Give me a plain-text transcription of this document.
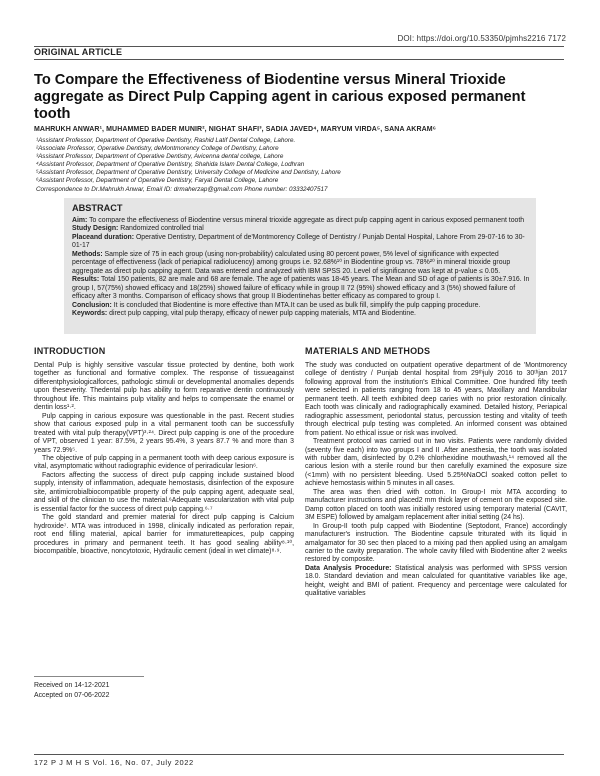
DOI: https://doi.org/10.53350/pjmhs2216 7172
ORIGINAL ARTICLE
To Compare the Effectiveness of Biodentine versus Mineral Trioxide aggregate as Direct Pulp Capping agent in carious exposed permanent tooth
MAHRUKH ANWAR¹, MUHAMMED BADER MUNIR², NIGHAT SHAFI³, SADIA JAVED⁴, MARYUM VIRDA⁵, SANA AKRAM⁶
¹Assistant Professor, Department of Operative Dentistry, Rashid Latif Dental College, Lahore.
²Associate Professor, Operative Dentistry, deMontmorency College of Dentistry, Lahore
³Assistant Professor, Department of Operative Dentistry, Avicenna dental college, Lahore
⁴Assistant Professor, Department of Operative Dentistry, Shahida Islam Dental College, Lodhran
⁵Assistant Professor, Department of Operative Dentistry, University College of Medicine and Dentistry, Lahore
⁶Assistant Professor, Department of Operative Dentistry, Faryal Dental College, Lahore
Correspondence to Dr.Mahrukh Anwar, Email ID: drmaherzap@gmail.com Phone number: 03332407517
ABSTRACT

Aim: To compare the effectiveness of Biodentine versus mineral trioxide aggregate as direct pulp capping agent in carious exposed permanent tooth

Study Design: Randomized controlled trial

Placeand duration: Operative Dentistry, Department of de'Montmorency College of Dentistry / Punjab Dental Hospital, Lahore From 29-07-16 to 30-01-17

Methods: Sample size of 75 in each group (using non-probability) calculated using 80 percent power, 5% level of significance with expected percentage of effectiveness (lack of periapical radiolucency) among groups i.e. 92.68%¹⁰ in Biodentine group vs. 78%²⁰ in mineral trioxide group aggregate as direct pulp capping agent. Data was entered and analyzed with IBM SPSS 20. Level of significance was kept at p-value ≤ 0.05.

Results: Total 150 patients, 82 are male and 68 are female. The age of patients was 18-45 years. The Mean and SD of age of patients is 30±7.916. In group I, 57(75%) showed efficacy and 18(25%) showed failure of efficacy while in group II 72 (95%) showed efficacy and 3 (5%) showed failure of efficacy after 3 months. Comparison of efficacy shows that group II Biodentinehas better efficacy as compared to group I.

Conclusion: It is concluded that Biodentine is more effective than MTA.It can be used as bulk fill, simplify the pulp capping procedure.

Keywords: direct pulp capping, vital pulp therapy, efficacy of newer pulp capping materials, MTA and Biodentine.

INTRODUCTION

Dental Pulp is highly sensitive vascular tissue protected by dentine, both work together as functional and formative complex. The response of tissueagainst differentphysiologicalforces, pathologic stimuli or developmental anomalies depends upon theseverity. Thedental pulp has ability to form reparative dentin continuously throughout life. This maintains pulp vitality and helps to compensate the enamel or dentin loss¹·².

Pulp capping in carious exposure was questionable in the past. Recent studies show that carious exposed pulp in a vital permanent tooth can be successfully treated with vital pulp therapy(VPT)³·²⁴. Direct pulp capping is one of the procedure of VPT, observed 1 year: 87.5%, 2 years 95.4%, 3 years 87.7 % and more than 3 years 72.9%⁵.

The objective of pulp capping in a permanent tooth with deep carious exposure is vital, asymptomatic without radiographic evidence of periradicular lesion⁶.

Factors affecting the success of direct pulp capping include sustained blood supply, intensity of inflammation, adequate hemostasis, disinfection of the exposure site, antimicrobialbiocompatible property of the pulp capping agent, adequate seal, and skill of the clinician to use the material.⁶Adequate vascularization with vital pulp is essential factor for the success of direct pulp capping.⁶·⁷

The gold standard and premier material for direct pulp capping is Calcium hydroxide⁷. MTA was introduced in 1998, clinically indicated as perforation repair, root end filling material, apical barrier for immaturetteapices, pulp capping procedures in primary and permanent teeth. It has good sealing ability⁸·¹⁰, biocompatible, bioactive, noncytotoxic, Hydraulic cement (ideal in wet climate)⁸·⁹.

Received on 14-12-2021
Accepted on 07-06-2022
MATERIALS AND METHODS

The study was conducted on outpatient operative department of de 'Montmorency college of dentistry / Punjab dental hospital from 29ᵗʰjuly 2016 to 30ᵗʰjan 2017 following approval from the institution's Ethical Committee. One hundred fifty teeth were selected in patients ranging from 18 to 45 years, Maxillary and Mandibular permanent teeth. All teeth exhibited deep caries with no prior restoration clinically. Each tooth was clinically and radiographically examined. Detailed history, Periapical radiographic assessment, periodontal status, percussion testing and vitality of teeth through electrical pulp testing was completed. An informed consent was obtained from patient. No ethical issue or risk was involved.

Treatment protocol was carried out in two visits. Patients were randomly divided (seventy five each) into two groups I and II .After anesthesia, the tooth was isolated with rubber dam, disinfected by 0.2% chlorhexidine mouthwash,¹⁴ removed all the carious lesion with a sterile round bur then carefully examined the exposure size (<1mm) with no persistent bleeding. Used 5.25%NaOCl soaked cotton pellet to achieve hemostasis within 5 minutes in all cases.

The area was then dried with cotton. In Group-I mix MTA according to manufacturer instructions and placed2 mm thick layer of cement on the exposed site. Damp cotton placed on tooth was initially restored using temporary material (CAVIT, 3M ESPE) followed by amalgam replacement after initial setting (24 hs).

In Group-II tooth pulp capped with Biodentine (Septodont, France) accordingly manufacturer's instruction. The Biodentine capsule triturated with its liquid in amalgamator for 30 sec then placed to a mixing pad then applied using an amalgam carrier to the cavity preparation. The whole cavity filled with Biodentine after 2 weeks restored by composite.

Data Analysis Procedure: Statistical analysis was performed with SPSS version 18.0. Standard deviation and mean calculated for quantitative variables like age, height, weight and BMI of patient. Frequency and percentage were calculated for qualitative variables

172 P J M H S Vol. 16, No. 07, July 2022
